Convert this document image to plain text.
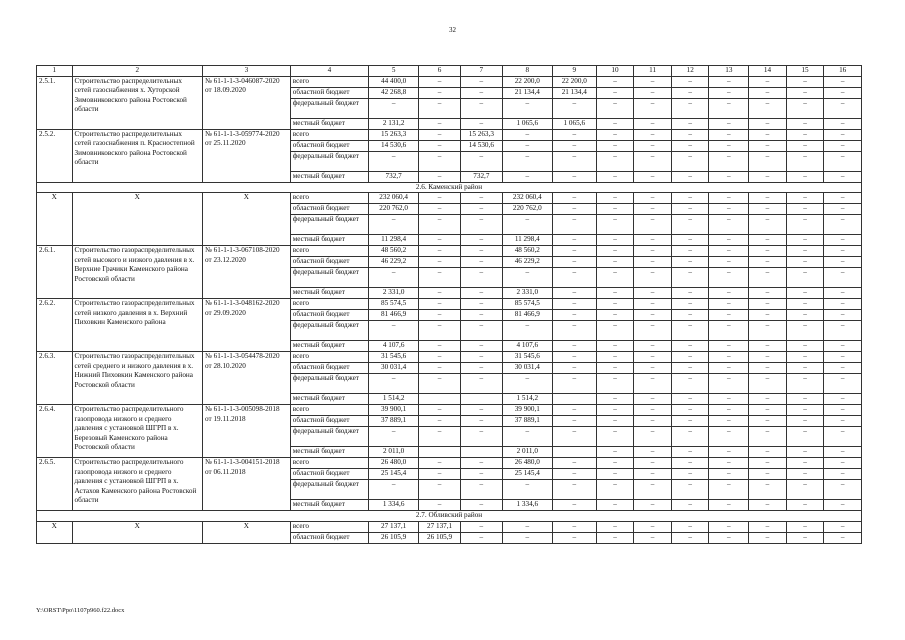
32
1	2	3	4	5	6	7	8	9	10	11	12	13	14	15	16
2.5.1.	Строительство распределительных сетей газоснабжения х. Хуторской Зимовниковского района Ростовской области	№ 61-1-1-3-046087-2020 от 18.09.2020	всего	44 400,0	–	–	22 200,0	22 200,0	–	–	–	–	–	–	–
			областной бюджет	42 268,8	–	–	21 134,4	21 134,4	–	–	–	–	–	–	–
			федеральный бюджет	–	–	–	–	–	–	–	–	–	–	–	–
			местный бюджет	2 131,2	–	–	1 065,6	1 065,6	–	–	–	–	–	–	–
2.5.2.	Строительство распределительных сетей газоснабжения п. Красностепной Зимовниковского района Ростовской области	№ 61-1-1-3-059774-2020 от 25.11.2020	всего	15 263,3	–	15 263,3	–	–	–	–	–	–	–	–	–
			областной бюджет	14 530,6	–	14 530,6	–	–	–	–	–	–	–	–	–
			федеральный бюджет	–	–	–	–	–	–	–	–	–	–	–	–
			местный бюджет	732,7	–	732,7	–	–	–	–	–	–	–	–	–
2.6. Каменский район															
X	X	X	всего	232 060,4	–	–	232 060,4	–	–	–	–	–	–	–	–
			областной бюджет	220 762,0	–	–	220 762,0	–	–	–	–	–	–	–	–
			федеральный бюджет	–	–	–	–	–	–	–	–	–	–	–	–
			местный бюджет	11 298,4	–	–	11 298,4	–	–	–	–	–	–	–	–
2.6.1.	Строительство газораспределительных сетей высокого и низкого давления в х. Верхние Грачики Каменского района Ростовской области	№ 61-1-1-3-067108-2020 от 23.12.2020	всего	48 560,2	–	–	48 560,2	–	–	–	–	–	–	–	–
			областной бюджет	46 229,2	–	–	46 229,2	–	–	–	–	–	–	–	–
			федеральный бюджет	–	–	–	–	–	–	–	–	–	–	–	–
			местный бюджет	2 331,0	–	–	2 331,0	–	–	–	–	–	–	–	–
2.6.2.	Строительство газораспределительных сетей низкого давления в х. Верхний Пиховкин Каменского района	№ 61-1-1-3-048162-2020 от 29.09.2020	всего	85 574,5	–	–	85 574,5	–	–	–	–	–	–	–	–
			областной бюджет	81 466,9	–	–	81 466,9	–	–	–	–	–	–	–	–
			федеральный бюджет	–	–	–	–	–	–	–	–	–	–	–	–
			местный бюджет	4 107,6	–	–	4 107,6	–	–	–	–	–	–	–	–
2.6.3.	Строительство газораспределительных сетей среднего и низкого давления в х. Нижний Пиховкин Каменского района Ростовской области	№ 61-1-1-3-054478-2020 от 28.10.2020	всего	31 545,6	–	–	31 545,6	–	–	–	–	–	–	–	–
			областной бюджет	30 031,4	–	–	30 031,4	–	–	–	–	–	–	–	–
			федеральный бюджет	–	–	–	–	–	–	–	–	–	–	–	–
			местный бюджет	1 514,2			1 514,2		–	–	–	–	–	–	–
2.6.4.	Строительство распределительного газопровода низкого и среднего давления с установкой ШГРП в х. Березовый Каменского района Ростовской области	№ 61-1-1-3-005098-2018 от 19.11.2018	всего	39 900,1	–	–	39 900,1	–	–	–	–	–	–	–	–
			областной бюджет	37 889,1	–	–	37 889,1	–	–	–	–	–	–	–	–
			федеральный бюджет	–	–	–	–	–	–	–	–	–	–	–	–
			местный бюджет	2 011,0			2 011,0		–	–	–	–	–	–	–
2.6.5.	Строительство распределительного газопровода низкого и среднего давления с установкой ШГРП в х. Астахов Каменского района Ростовской области	№ 61-1-1-3-004151-2018 от 06.11.2018	всего	26 480,0	–	–	26 480,0	–	–	–	–	–	–	–	–
			областной бюджет	25 145,4	–	–	25 145,4	–	–	–	–	–	–	–	–
			федеральный бюджет	–	–	–	–	–	–	–	–	–	–	–	–
			местный бюджет	1 334,6	–	–	1 334,6	–	–	–	–	–	–	–	–
2.7. Обливский район															
X	X	X	всего	27 137,1	27 137,1	–	–	–	–	–	–	–	–	–	–
			областной бюджет	26 105,9	26 105,9	–	–	–	–	–	–	–	–	–	–
Y:\ORST\Ppo\1107p960.f22.docx
